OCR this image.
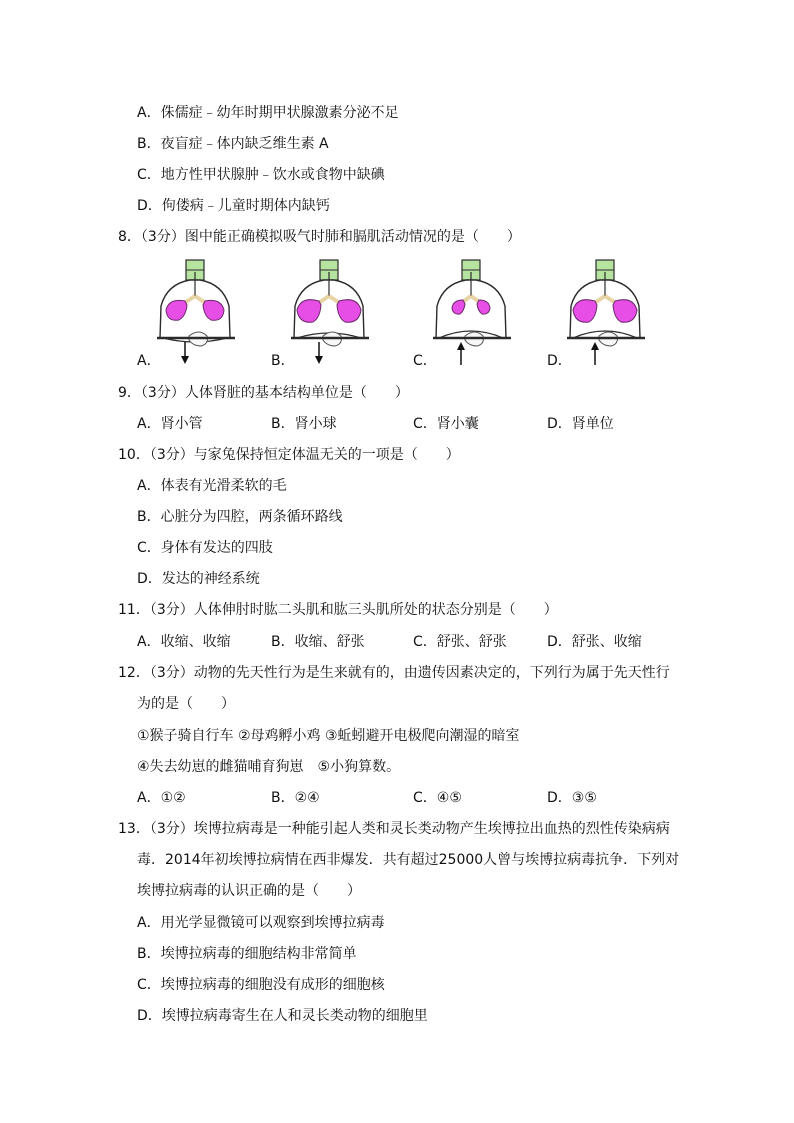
A．侏儒症﹣幼年时期甲状腺激素分泌不足
B．夜盲症﹣体内缺乏维生素 A
C．地方性甲状腺肿﹣饮水或食物中缺碘
D．佝偻病﹣儿童时期体内缺钙
8．（3分）图中能正确模拟吸气时肺和膈肌活动情况的是（　　）
A．	B．	C．	D．
9．（3分）人体肾脏的基本结构单位是（　　）
A．肾小管	B．肾小球	C．肾小囊	D．肾单位
10．（3分）与家兔保持恒定体温无关的一项是（　　）
A．体表有光滑柔软的毛
B．心脏分为四腔，两条循环路线
C．身体有发达的四肢
D．发达的神经系统
11．（3分）人体伸肘时肱二头肌和肱三头肌所处的状态分别是（　　）
A．收缩、收缩	B．收缩、舒张	C．舒张、舒张	D．舒张、收缩
12．（3分）动物的先天性行为是生来就有的，由遗传因素决定的，下列行为属于先天性行
为的是（　　）
①猴子骑自行车 ②母鸡孵小鸡 ③蚯蚓避开电极爬向潮湿的暗室
④失去幼崽的雌猫哺育狗崽　⑤小狗算数。
A．①②	B．②④	C．④⑤	D．③⑤
13．（3分）埃博拉病毒是一种能引起人类和灵长类动物产生埃博拉出血热的烈性传染病病
毒．2014年初埃博拉病情在西非爆发．共有超过25000人曾与埃博拉病毒抗争．下列对
埃博拉病毒的认识正确的是（　　）
A．用光学显微镜可以观察到埃博拉病毒
B．埃博拉病毒的细胞结构非常简单
C．埃博拉病毒的细胞没有成形的细胞核
D．埃博拉病毒寄生在人和灵长类动物的细胞里
